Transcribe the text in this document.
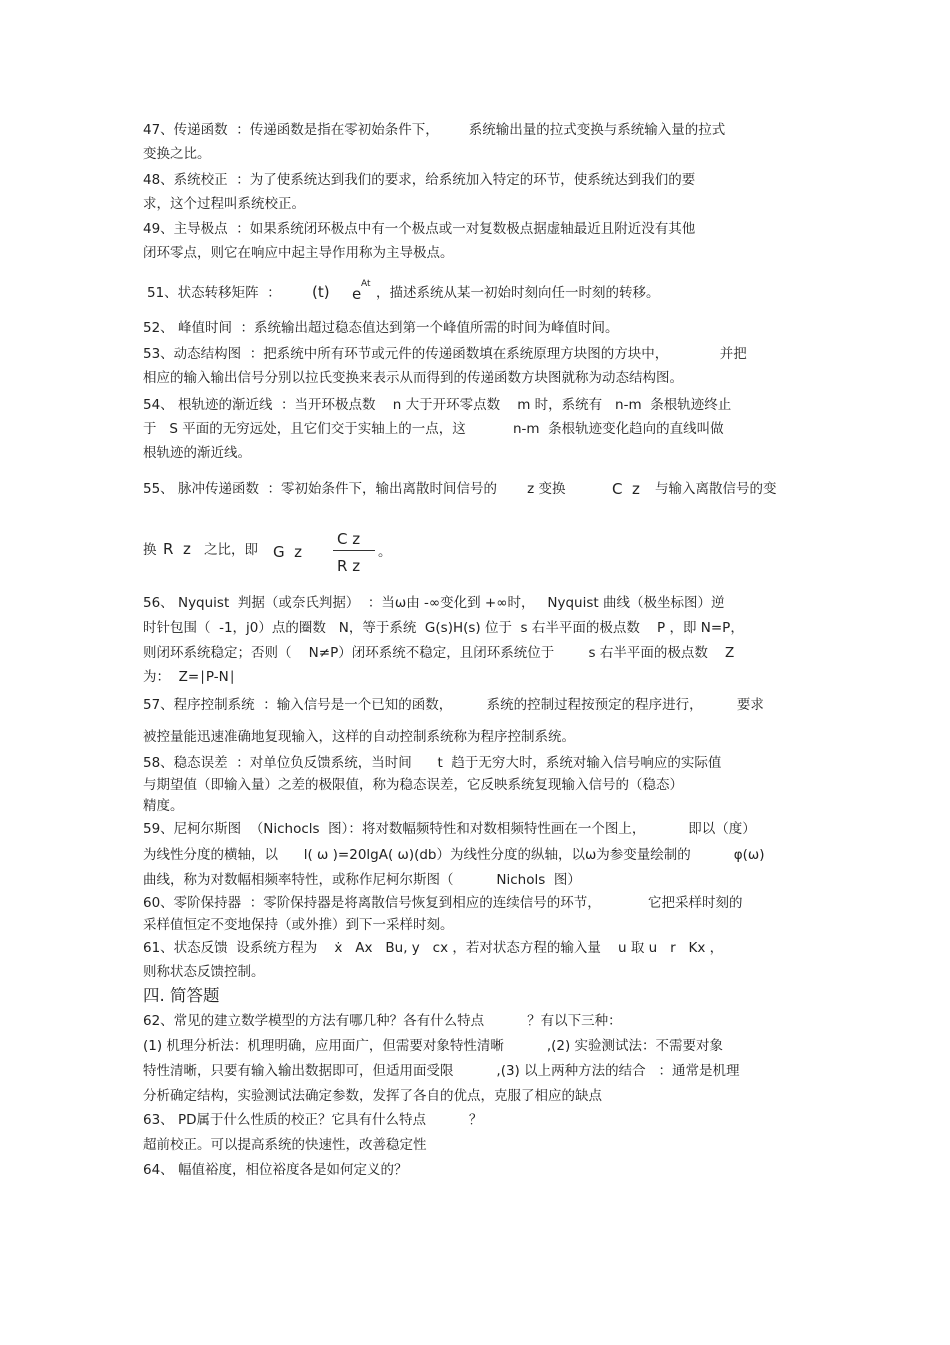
47、传递函数  ：传递函数是指在零初始条件下，       系统输出量的拉式变换与系统输入量的拉式
变换之比。
48、系统校正  ：为了使系统达到我们的要求，给系统加入特定的环节，使系统达到我们的要
求，这个过程叫系统校正。
49、主导极点  ：如果系统闭环极点中有一个极点或一对复数极点据虚轴最近且附近没有其他
闭环零点，则它在响应中起主导作用称为主导极点。
51、状态转移矩阵  ： (t) e
At
，描述系统从某一初始时刻向任一时刻的转移。
52、 峰值时间  ：系统输出超过稳态值达到第一个峰值所需的时间为峰值时间。
53、动态结构图  ：把系统中所有环节或元件的传递函数填在系统原理方块图的方块中，            并把
相应的输入输出信号分别以拉氏变换来表示从而得到的传递函数方块图就称为动态结构图。
54、 根轨迹的渐近线  ：当开环极点数    n 大于开环零点数    m 时，系统有   n-m  条根轨迹终止
于   S 平面的无穷远处，且它们交于实轴上的一点，这           n-m  条根轨迹变化趋向的直线叫做
根轨迹的渐近线。
55、 脉冲传递函数  ：零初始条件下，输出离散时间信号的       z 变换	C  z 与输入离散信号的变
换 R  z 之比，即 G  z
C z
R z
。
56、 Nyquist  判据（或奈氏判据）  ：当ω由 -∞变化到 +∞时，   Nyquist 曲线（极坐标图）逆
时针包围（  -1，j0）点的圈数   N，等于系统  G(s)H(s) 位于  s 右半平面的极点数    P ，即 N=P，
则闭环系统稳定；否则（    N≠P）闭环系统不稳定，且闭环系统位于        s 右半平面的极点数    Z
为：  Z=∣P-N∣
57、程序控制系统  ：输入信号是一个已知的函数，        系统的控制过程按预定的程序进行，        要求
被控量能迅速准确地复现输入，这样的自动控制系统称为程序控制系统。
58、稳态误差  ：对单位负反馈系统，当时间      t  趋于无穷大时，系统对输入信号响应的实际值
与期望值（即输入量）之差的极限值，称为稳态误差，它反映系统复现输入信号的（稳态）
精度。
59、尼柯尔斯图  （Nichocls  图）：将对数幅频特性和对数相频特性画在一个图上，          即以（度）
为线性分度的横轴，以      l( ω )=20lgA( ω)(db）为线性分度的纵轴，以ω为参变量绘制的          φ(ω)
曲线，称为对数幅相频率特性，或称作尼柯尔斯图（          Nichols  图）
60、零阶保持器  ：零阶保持器是将离散信号恢复到相应的连续信号的环节，           它把采样时刻的
采样值恒定不变地保持（或外推）到下一采样时刻。
61、状态反馈  设系统方程为    ẋ   Ax   Bu, y   cx ，若对状态方程的输入量    u 取 u   r   Kx ，
则称状态反馈控制。
四. 简答题
62、常见的建立数学模型的方法有哪几种？各有什么特点          ？有以下三种：
(1) 机理分析法：机理明确，应用面广，但需要对象特性清晰          ,(2) 实验测试法：不需要对象
特性清晰，只要有输入输出数据即可，但适用面受限          ,(3) 以上两种方法的结合   ：通常是机理
分析确定结构，实验测试法确定参数，发挥了各自的优点，克服了相应的缺点
63、 PD属于什么性质的校正？它具有什么特点          ？
超前校正。可以提高系统的快速性，改善稳定性
64、 幅值裕度，相位裕度各是如何定义的？
